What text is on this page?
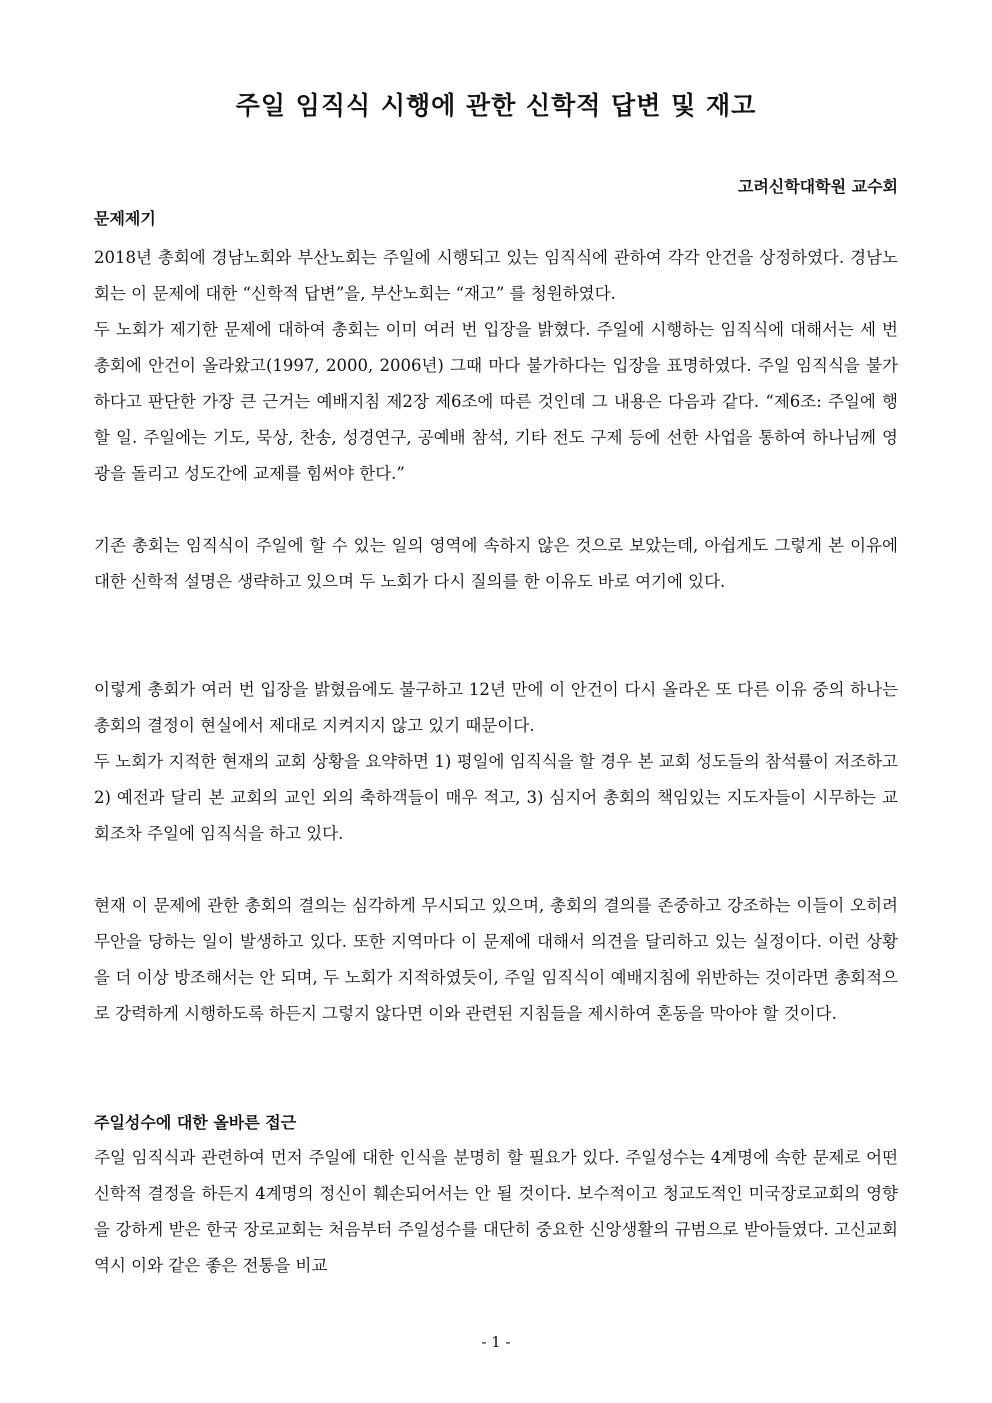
주일 임직식 시행에 관한 신학적 답변 및 재고

고려신학대학원 교수회

문제제기

2018년 총회에 경남노회와 부산노회는 주일에 시행되고 있는 임직식에 관하여 각각 안건을 상정하였다. 경남노회는 이 문제에 대한 “신학적 답변”을, 부산노회는 “재고” 를 청원하였다.

두 노회가 제기한 문제에 대하여 총회는 이미 여러 번 입장을 밝혔다. 주일에 시행하는 임직식에 대해서는 세 번 총회에 안건이 올라왔고(1997, 2000, 2006년) 그때 마다 불가하다는 입장을 표명하였다. 주일 임직식을 불가하다고 판단한 가장 큰 근거는 예배지침 제2장 제6조에 따른 것인데 그 내용은 다음과 같다. “제6조: 주일에 행할 일. 주일에는 기도, 묵상, 찬송, 성경연구, 공예배 참석, 기타 전도 구제 등에 선한 사업을 통하여 하나님께 영광을 돌리고 성도간에 교제를 힘써야 한다.”

기존 총회는 임직식이 주일에 할 수 있는 일의 영역에 속하지 않은 것으로 보았는데, 아쉽게도 그렇게 본 이유에 대한 신학적 설명은 생략하고 있으며 두 노회가 다시 질의를 한 이유도 바로 여기에 있다.

이렇게 총회가 여러 번 입장을 밝혔음에도 불구하고 12년 만에 이 안건이 다시 올라온 또 다른 이유 중의 하나는 총회의 결정이 현실에서 제대로 지켜지지 않고 있기 때문이다.

두 노회가 지적한 현재의 교회 상황을 요약하면 1) 평일에 임직식을 할 경우 본 교회 성도들의 참석률이 저조하고 2) 예전과 달리 본 교회의 교인 외의 축하객들이 매우 적고, 3) 심지어 총회의 책임있는 지도자들이 시무하는 교회조차 주일에 임직식을 하고 있다.

현재 이 문제에 관한 총회의 결의는 심각하게 무시되고 있으며, 총회의 결의를 존중하고 강조하는 이들이 오히려 무안을 당하는 일이 발생하고 있다. 또한 지역마다 이 문제에 대해서 의견을 달리하고 있는 실정이다. 이런 상황을 더 이상 방조해서는 안 되며, 두 노회가 지적하였듯이, 주일 임직식이 예배지침에 위반하는 것이라면 총회적으로 강력하게 시행하도록 하든지 그렇지 않다면 이와 관련된 지침들을 제시하여 혼동을 막아야 할 것이다.

주일성수에 대한 올바른 접근

주일 임직식과 관련하여 먼저 주일에 대한 인식을 분명히 할 필요가 있다. 주일성수는 4계명에 속한 문제로 어떤 신학적 결정을 하든지 4계명의 정신이 훼손되어서는 안 될 것이다. 보수적이고 청교도적인 미국장로교회의 영향을 강하게 받은 한국 장로교회는 처음부터 주일성수를 대단히 중요한 신앙생활의 규범으로 받아들였다. 고신교회 역시 이와 같은 좋은 전통을 비교

- 1 -
